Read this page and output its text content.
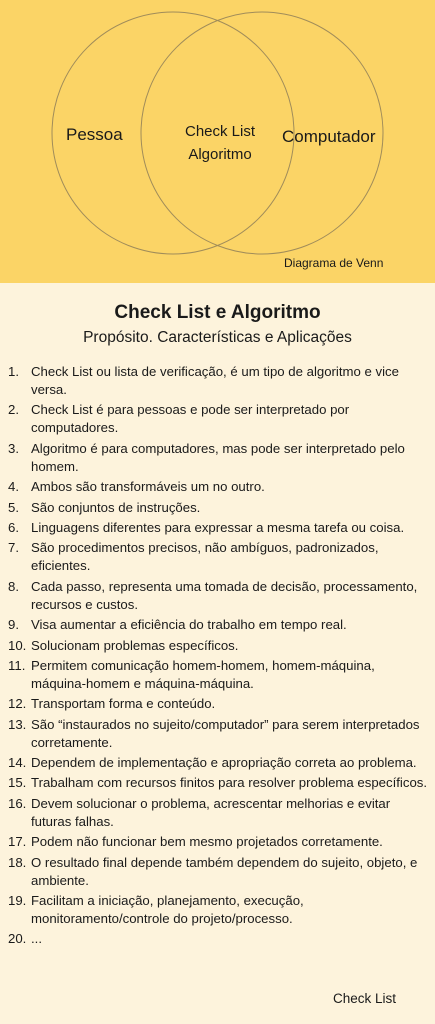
Pessoa	Computador
Check List
Algoritmo
Diagrama de Venn
Check List e Algoritmo
Propósito. Características e Aplicações
1. Check List ou lista de verificação, é um tipo de algoritmo e vice versa.
2. Check List é para pessoas e pode ser interpretado por computadores.
3. Algoritmo é para computadores, mas pode ser interpretado pelo homem.
4. Ambos são transformáveis um no outro.
5. São conjuntos de instruções.
6. Linguagens diferentes para expressar a mesma tarefa ou coisa.
7. São procedimentos precisos, não ambíguos, padronizados, eficientes.
8. Cada passo, representa uma tomada de decisão, processamento, recursos e custos.
9. Visa aumentar a eficiência do trabalho em tempo real.
10. Solucionam problemas específicos.
11. Permitem comunicação homem-homem, homem-máquina, máquina-homem e máquina-máquina.
12. Transportam forma e conteúdo.
13. São “instaurados no sujeito/computador” para serem interpretados corretamente.
14. Dependem de implementação e apropriação correta ao problema.
15. Trabalham com recursos finitos para resolver problema específicos.
16. Devem solucionar o problema, acrescentar melhorias e evitar futuras falhas.
17. Podem não funcionar bem mesmo projetados corretamente.
18. O resultado final depende também dependem do sujeito, objeto, e ambiente.
19. Facilitam a iniciação, planejamento, execução, monitoramento/controle do projeto/processo.
20. ...
Check List
